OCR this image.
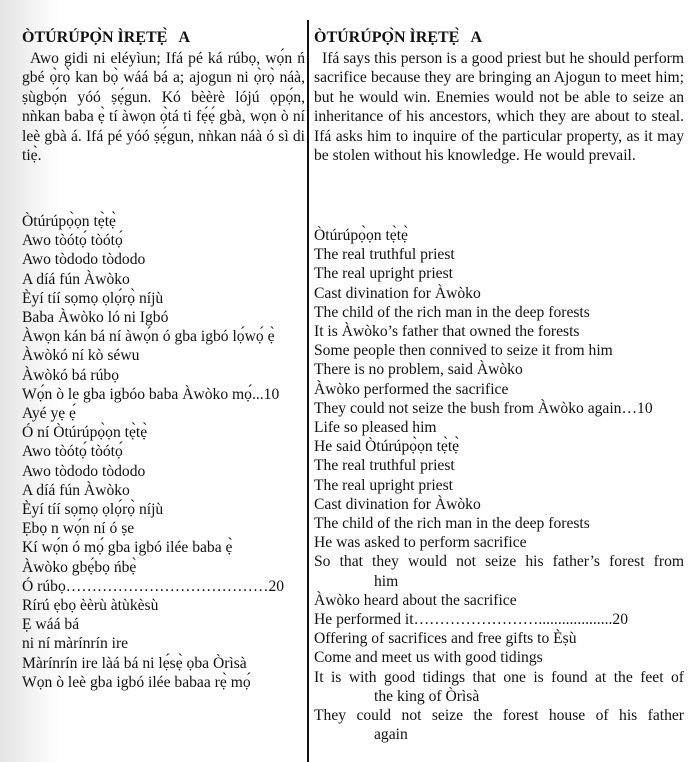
ÒTÚRÚPỌ̀N ÌRẸTẸ̀   A

Awo gidi ni eléyìun; Ifá pé ká rúbọ, wọ́n ń gbé ọ̀rọ̀ kan bọ̀ wáá bá a; ajogun ni ọ̀rọ̀ náà, ṣùgbọ́n yóó ṣẹ́gun. Kó bèèrè lójú ọpọ́n, nǹkan baba ẹ̀ tí àwọn ọ̀tá ti fẹ́ẹ́ gbà, wọn ò ní leè gbà á. Ifá pé yóó ṣẹ́gun, nǹkan náà ó sì di tiẹ̀.

ÒTÚRÚPỌ̀N ÌRẸTẸ̀   A

Ifá says this person is a good priest but he should perform sacrifice because they are bringing an Ajogun to meet him; but he would win. Enemies would not be able to seize an inheritance of his ancestors, which they are about to steal. Ifá asks him to inquire of the particular property, as it may be stolen without his knowledge. He would prevail.

Òtúrúpọ̀ọn tẹ̀tẹ̀
Awo tòótọ́ tòótọ́
Awo tòdodo tòdodo
A díá fún Àwòko
Èyí tíí sọmọ ọlọ́rọ̀ níjù
Baba Àwòko ló ni Igbó
Àwọn kán bá ní àwọ́n ó gba igbó lọ́wọ́ ẹ̀
Àwòkó ní kò séwu
Àwòkó bá rúbọ
Wọ́n ò le gba igbóo baba Àwòko mọ́...10
Ayé yẹ ẹ́
Ó ní Òtúrúpọ̀ọn tẹ̀tẹ̀
Awo tòótọ́ tòótọ́
Awo tòdodo tòdodo
A díá fún Àwòko
Èyí tíí sọmọ ọlọ́rọ̀ níjù
Ẹbọ n wọ́n ní ó ṣe
Kí wọ́n ó mọ́ gba igbó ilée baba ẹ̀
Àwòko gbẹ́bọ ńbẹ̀
Ó rúbọ…………………………………20
Rírú ẹbọ èèrù àtùkèsù
Ẹ wáá bá
ni ní màrínrín ire
Màrínrín ire làá bá ni lẹ́sẹ̀ ọba Òrìsà
Wọn ò leè gba igbó ilée babaa rẹ̀ mọ́
Òtúrúpọ̀ọn tẹ̀tẹ̀
The real truthful priest
The real upright priest
Cast divination for Àwòko
The child of the rich man in the deep forests
It is Àwòko’s father that owned the forests
Some people then connived to seize it from him
There is no problem, said Àwòko
Àwòko performed the sacrifice
They could not seize the bush from Àwòko again…10
Life so pleased him
He said Òtúrúpọ̀ọn tẹ̀tẹ̀
The real truthful priest
The real upright priest
Cast divination for Àwòko
The child of the rich man in the deep forests
He was asked to perform sacrifice
So that they would not seize his father’s forest from
him
Àwòko heard about the sacrifice
He performed it……………………...................20
Offering of sacrifices and free gifts to Èṣù
Come and meet us with good tidings
It is with good tidings that one is found at the feet of
the king of Òrìsà
They could not seize the forest house of his father
again
